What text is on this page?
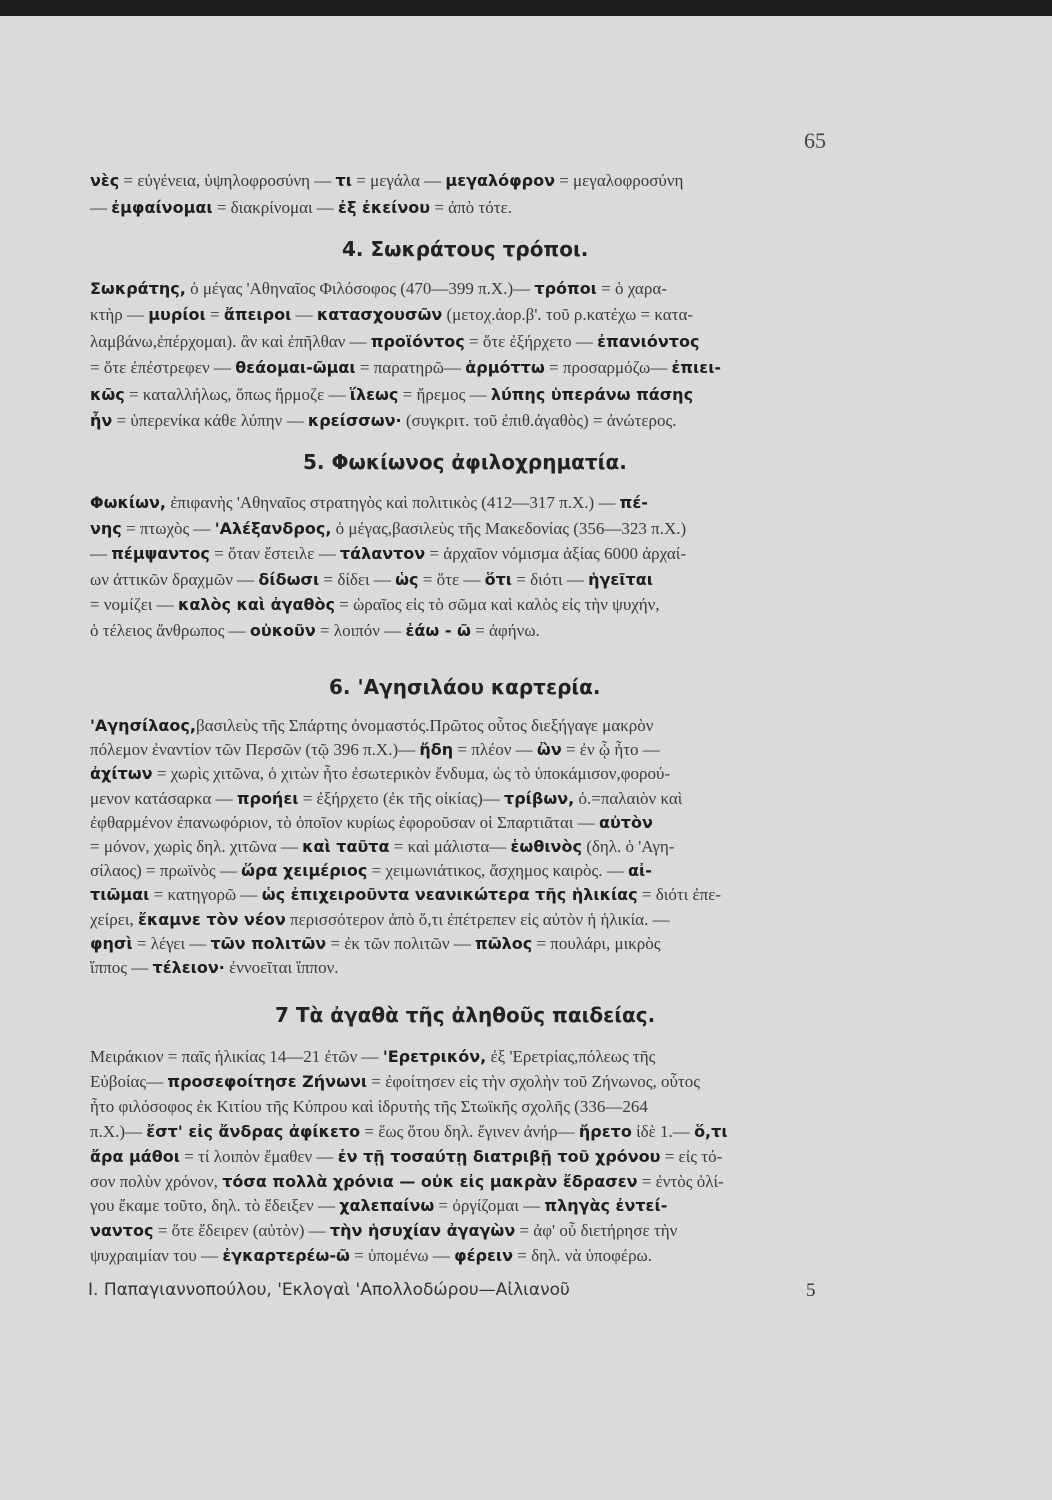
65
νὲς = εὐγένεια, ὑψηλοφροσύνη — τι = μεγάλα — μεγαλόφρον = μεγαλοφροσύνη
— ἐμφαίνομαι = διακρίνομαι — ἐξ ἐκείνου = ἀπὸ τότε.
4. Σωκράτους τρόποι.
Σωκράτης, ὁ μέγας 'Αθηναῖος Φιλόσοφος (470—399 π.Χ.)— τρόποι = ὁ χαρα-
κτὴρ — μυρίοι = ἄπειροι — κατασχουσῶν (μετοχ.ἀορ.β'. τοῦ ρ.κατέχω = κατα-
λαμβάνω,ἐπέρχομαι). ἂν καὶ ἐπῆλθαν — προϊόντος = ὅτε ἐξήρχετο — ἐπανιόντος
= ὅτε ἐπέστρεφεν — θεάομαι-ῶμαι = παρατηρῶ— ἁρμόττω = προσαρμόζω— ἐπιει-
κῶς = καταλλήλως, ὅπως ἥρμοζε — ἵλεως = ἤρεμος — λύπης ὑπεράνω πάσης
ἦν = ὑπερενίκα κάθε λύπην — κρείσσων· (συγκριτ. τοῦ ἐπιθ.ἀγαθὸς) = ἀνώτερος.
5. Φωκίωνος ἀφιλοχρηματία.
Φωκίων, ἐπιφανὴς 'Αθηναῖος στρατηγὸς καὶ πολιτικὸς (412—317 π.Χ.) — πέ-
νης = πτωχὸς — 'Αλέξανδρος, ὁ μέγας,βασιλεὺς τῆς Μακεδονίας (356—323 π.Χ.)
— πέμψαντος = ὅταν ἔστειλε — τάλαντον = ἀρχαῖον νόμισμα ἀξίας 6000 ἀρχαί-
ων ἀττικῶν δραχμῶν — δίδωσι = δίδει — ὡς = ὅτε — ὅτι = διότι — ἡγεῖται
= νομίζει — καλὸς καὶ ἀγαθὸς = ὡραῖος εἰς τὸ σῶμα καὶ καλὸς εἰς τὴν ψυχήν,
ὁ τέλειος ἄνθρωπος — οὐκοῦν = λοιπόν — ἐάω - ῶ = ἀφήνω.
6. 'Αγησιλάου καρτερία.
'Αγησίλαος,βασιλεὺς τῆς Σπάρτης ὀνομαστός.Πρῶτος οὗτος διεξήγαγε μακρὸν
πόλεμον ἐναντίον τῶν Περσῶν (τῷ 396 π.Χ.)— ἤδη = πλέον — ὢν = ἐν ᾧ ἦτο —
ἀχίτων = χωρὶς χιτῶνα, ὁ χιτὼν ἦτο ἐσωτερικὸν ἔνδυμα, ὡς τὸ ὑποκάμισον,φορού-
μενον κατάσαρκα — προήει = ἐξήρχετο (ἐκ τῆς οἰκίας)— τρίβων, ὁ.=παλαιὸν καὶ
ἐφθαρμένον ἐπανωφόριον, τὸ ὁποῖον κυρίως ἐφοροῦσαν οἱ Σπαρτιᾶται — αὐτὸν
= μόνον, χωρὶς δηλ. χιτῶνα — καὶ ταῦτα = καὶ μάλιστα— ἑωθινὸς (δηλ. ὁ 'Αγη-
σίλαος) = πρωϊνὸς — ὥρα χειμέριος = χειμωνιάτικος, ἄσχημος καιρὸς. — αἰ-
τιῶμαι = κατηγορῶ — ὡς ἐπιχειροῦντα νεανικώτερα τῆς ἡλικίας = διότι ἐπε-
χείρει, ἔκαμνε τὸν νέον περισσότερον ἀπὸ ὅ,τι ἐπέτρεπεν εἰς αὐτὸν ἡ ἡλικία. —
φησὶ = λέγει — τῶν πολιτῶν = ἐκ τῶν πολιτῶν — πῶλος = πουλάρι, μικρὸς
ἵππος — τέλειον· ἐννοεῖται ἵππον.
7 Τὰ ἀγαθὰ τῆς ἀληθοῦς παιδείας.
Μειράκιον = παῖς ἡλικίας 14—21 ἐτῶν — 'Ερετρικόν, ἐξ 'Ερετρίας,πόλεως τῆς
Εὐβοίας— προσεφοίτησε Ζήνωνι = ἐφοίτησεν εἰς τὴν σχολὴν τοῦ Ζήνωνος, οὗτος
ἦτο φιλόσοφος ἐκ Κιτίου τῆς Κύπρου καὶ ἱδρυτὴς τῆς Στωϊκῆς σχολῆς (336—264
π.Χ.)— ἔστ' εἰς ἄνδρας ἀφίκετο = ἕως ὅτου δηλ. ἔγινεν ἀνήρ— ἤρετο ἰδὲ 1.— ὅ,τι
ἄρα μάθοι = τί λοιπὸν ἔμαθεν — ἐν τῇ τοσαύτῃ διατριβῇ τοῦ χρόνου = εἰς τό-
σον πολὺν χρόνον, τόσα πολλὰ χρόνια — οὐκ εἰς μακρὰν ἔδρασεν = ἐντὸς ὀλί-
γου ἔκαμε τοῦτο, δηλ. τὸ ἔδειξεν — χαλεπαίνω = ὀργίζομαι — πληγὰς ἐντεί-
ναντος = ὅτε ἔδειρεν (αὐτὸν) — τὴν ἡσυχίαν ἀγαγὼν = ἀφ' οὗ διετήρησε τὴν
ψυχραιμίαν του — ἐγκαρτερέω-ῶ = ὑπομένω — φέρειν = δηλ. νὰ ὑποφέρω.
Ι. Παπαγιαννοπούλου, 'Εκλογαὶ 'Απολλοδώρου—Αἰλιανοῦ	5
